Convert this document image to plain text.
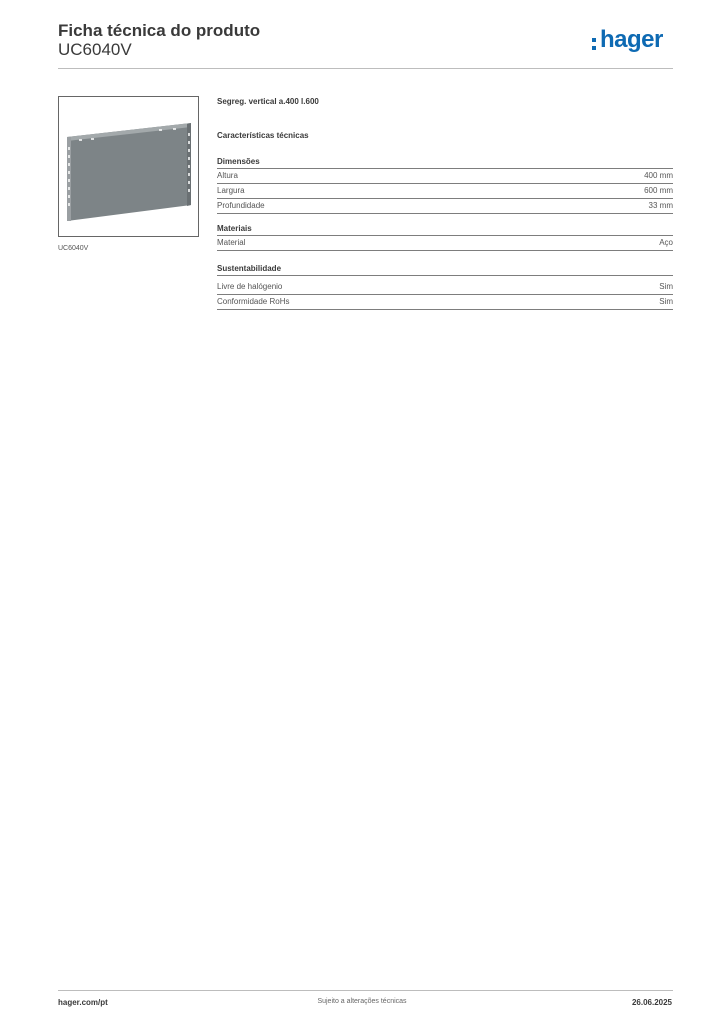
Ficha técnica do produto
UC6040V	hager
UC6040V
Segreg. vertical a.400 l.600
Características técnicas
Dimensões
Altura	400 mm
Largura	600 mm
Profundidade	33 mm
Materiais
Material	Aço
Sustentabilidade
Livre de halógenio	Sim
Conformidade RoHs	Sim
hager.com/pt	Sujeito a alterações técnicas	26.06.2025
